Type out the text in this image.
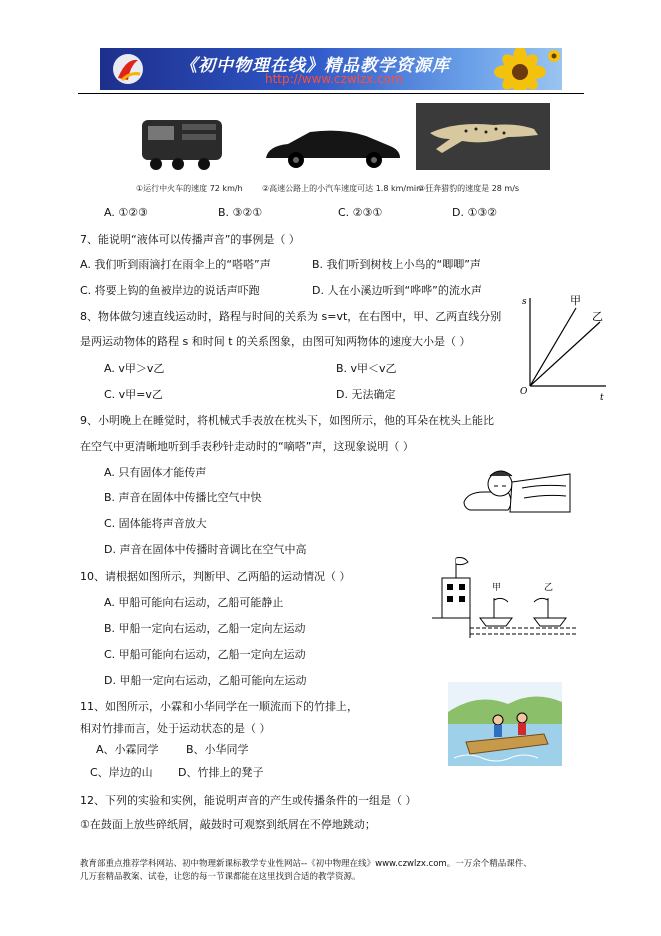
《初中物理在线》精品教学资源库
http://www.czwlzx.com
①运行中火车的速度 72 km/h ②高速公路上的小汽车速度可达 1.8 km/min
③狂奔猎豹的速度是 28 m/s
A. ①②③	B. ③②①	C. ②③①	D. ①③②
7、能说明“液体可以传播声音”的事例是（ ）
A. 我们听到雨滴打在雨伞上的“嗒嗒”声	B. 我们听到树枝上小鸟的“唧唧”声
C. 将要上钩的鱼被岸边的说话声吓跑	D. 人在小溪边听到“哗哗”的流水声
8、物体做匀速直线运动时，路程与时间的关系为 s=vt，在右图中，甲、乙两直线分别
是两运动物体的路程 s 和时间 t 的关系图象，由图可知两物体的速度大小是（ ）
A. v甲＞v乙	B. v甲＜v乙
C. v甲=v乙	D. 无法确定
s
t
O
甲
乙
9、小明晚上在睡觉时，将机械式手表放在枕头下，如图所示，他的耳朵在枕头上能比
在空气中更清晰地听到手表秒针走动时的“嘀嗒”声，这现象说明（ ）
A. 只有固体才能传声
B. 声音在固体中传播比空气中快
C. 固体能将声音放大
D. 声音在固体中传播时音调比在空气中高
10、请根据如图所示，判断甲、乙两船的运动情况（ ）
A. 甲船可能向右运动，乙船可能静止
B. 甲船一定向右运动，乙船一定向左运动
C. 甲船可能向右运动，乙船一定向左运动
D. 甲船一定向右运动，乙船可能向左运动
甲	乙
11、如图所示，小霖和小华同学在一顺流而下的竹排上，
相对竹排而言，处于运动状态的是（ ）
A、小霖同学 B、小华同学
C、岸边的山 D、竹排上的凳子
12、下列的实验和实例，能说明声音的产生或传播条件的一组是（ ）
①在鼓面上放些碎纸屑，敲鼓时可观察到纸屑在不停地跳动；
教育部重点推荐学科网站、初中物理新课标教学专业性网站--《初中物理在线》www.czwlzx.com。一万余个精品课件、
几万套精品教案、试卷，让您的每一节课都能在这里找到合适的教学资源。
